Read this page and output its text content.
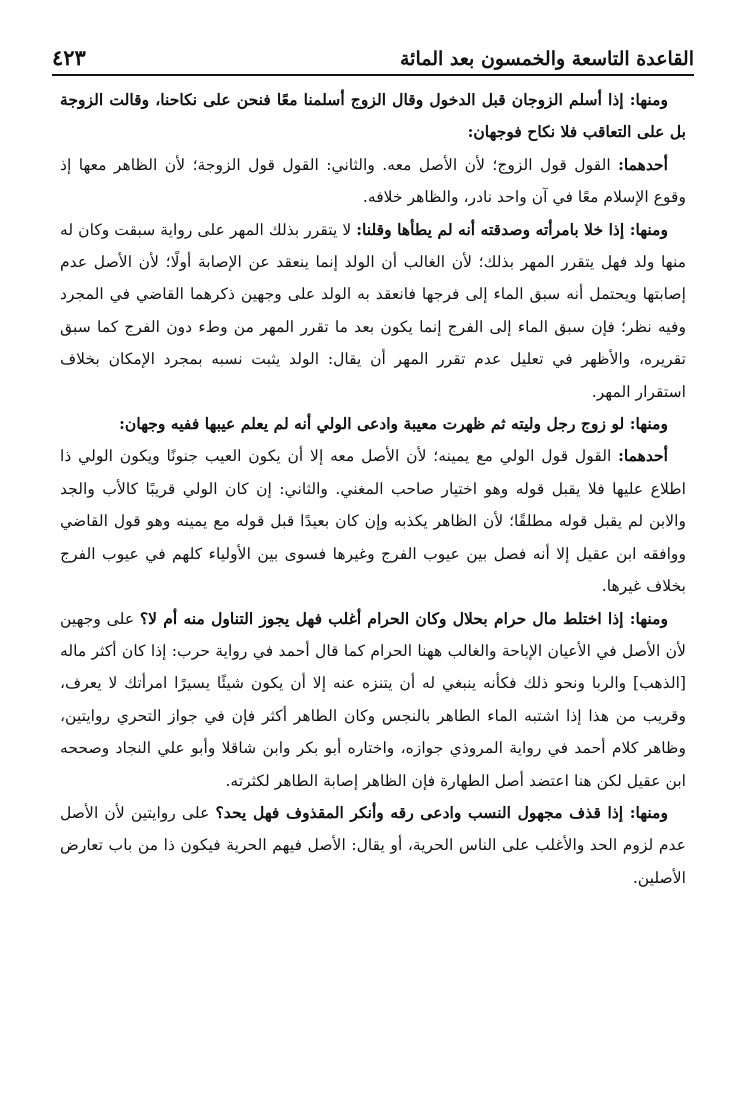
القاعدة التاسعة والخمسون بعد المائة
٤٢٣

ومنها: إذا أسلم الزوجان قبل الدخول وقال الزوج أسلمنا معًا فنحن على نكاحنا، وقالت الزوجة بل على التعاقب فلا نكاح فوجهان:

أحدهما: القول قول الزوج؛ لأن الأصل معه. والثاني: القول قول الزوجة؛ لأن الظاهر معها إذ وقوع الإسلام معًا في آن واحد نادر، والظاهر خلافه.

ومنها: إذا خلا بامرأته وصدقته أنه لم يطأها وقلنا: لا يتقرر بذلك المهر على رواية سبقت وكان له منها ولد فهل يتقرر المهر بذلك؛ لأن الغالب أن الولد إنما ينعقد عن الإصابة أولًا؛ لأن الأصل عدم إصابتها ويحتمل أنه سبق الماء إلى فرجها فانعقد به الولد على وجهين ذكرهما القاضي في المجرد وفيه نظر؛ فإن سبق الماء إلى الفرج إنما يكون بعد ما تقرر المهر من وطء دون الفرج كما سبق تقريره، والأظهر في تعليل عدم تقرر المهر أن يقال: الولد يثبت نسبه بمجرد الإمكان بخلاف استقرار المهر.

ومنها: لو زوج رجل وليته ثم ظهرت معيبة وادعى الولي أنه لم يعلم عيبها ففيه وجهان:

أحدهما: القول قول الولي مع يمينه؛ لأن الأصل معه إلا أن يكون العيب جنونًا ويكون الولي ذا اطلاع عليها فلا يقبل قوله وهو اختيار صاحب المغني. والثاني: إن كان الولي قريبًا كالأب والجد والابن لم يقبل قوله مطلقًا؛ لأن الظاهر يكذبه وإن كان بعيدًا قبل قوله مع يمينه وهو قول القاضي ووافقه ابن عقيل إلا أنه فصل بين عيوب الفرج وغيرها فسوى بين الأولياء كلهم في عيوب الفرج بخلاف غيرها.

ومنها: إذا اختلط مال حرام بحلال وكان الحرام أغلب فهل يجوز التناول منه أم لا؟ على وجهين لأن الأصل في الأعيان الإباحة والغالب ههنا الحرام كما قال أحمد في رواية حرب: إذا كان أكثر ماله [الذهب] والربا ونحو ذلك فكأنه ينبغي له أن يتنزه عنه إلا أن يكون شيئًا يسيرًا امرأتك لا يعرف، وقريب من هذا إذا اشتبه الماء الطاهر بالنجس وكان الطاهر أكثر فإن في جواز التحري روايتين، وظاهر كلام أحمد في رواية المروذي جوازه، واختاره أبو بكر وابن شاقلا وأبو علي النجاد وصححه ابن عقيل لكن هنا اعتضد أصل الطهارة فإن الظاهر إصابة الطاهر لكثرته.

ومنها: إذا قذف مجهول النسب وادعى رقه وأنكر المقذوف فهل يحد؟ على روايتين لأن الأصل عدم لزوم الحد والأغلب على الناس الحرية، أو يقال: الأصل فيهم الحرية فيكون ذا من باب تعارض الأصلين.
